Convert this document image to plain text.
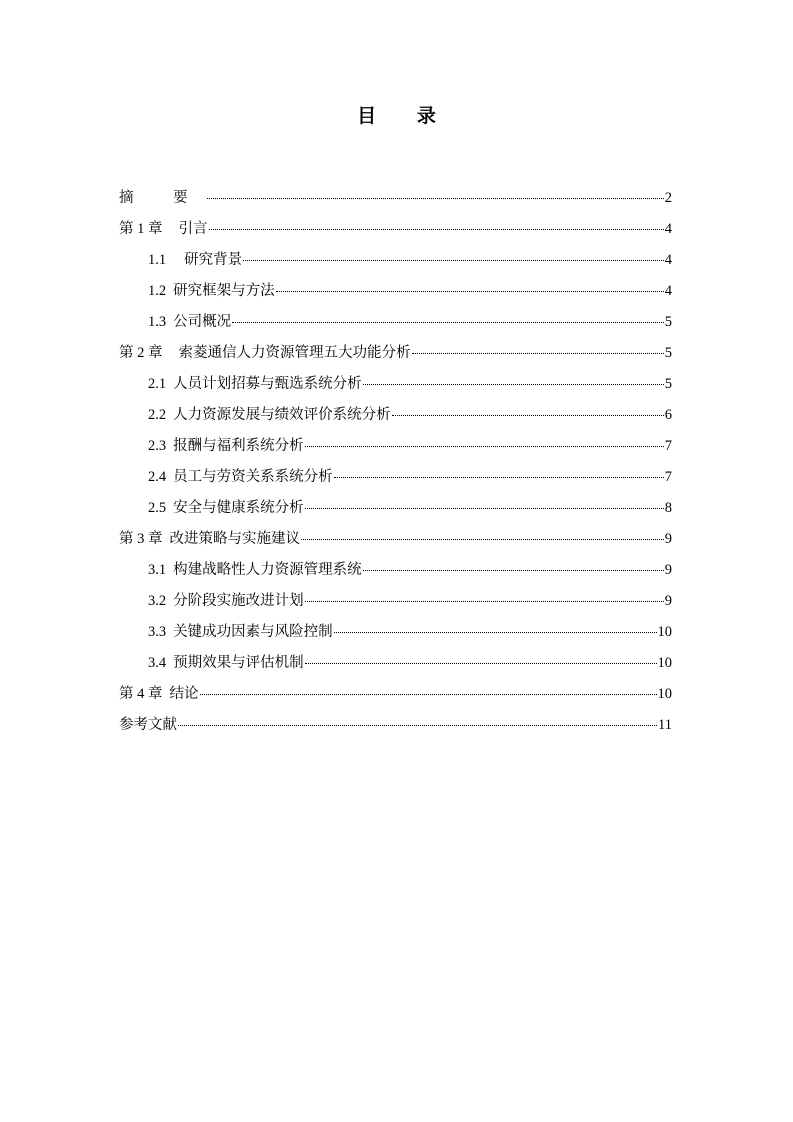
目 录
摘 要	2
第 1 章 引言	4
1.1 研究背景	4
1.2 研究框架与方法	4
1.3 公司概况	5
第 2 章 索菱通信人力资源管理五大功能分析	5
2.1 人员计划招募与甄选系统分析	5
2.2 人力资源发展与绩效评价系统分析	6
2.3 报酬与福利系统分析	7
2.4 员工与劳资关系系统分析	7
2.5 安全与健康系统分析	8
第 3 章 改进策略与实施建议	9
3.1 构建战略性人力资源管理系统	9
3.2 分阶段实施改进计划	9
3.3 关键成功因素与风险控制	10
3.4 预期效果与评估机制	10
第 4 章 结论	10
参考文献	11
